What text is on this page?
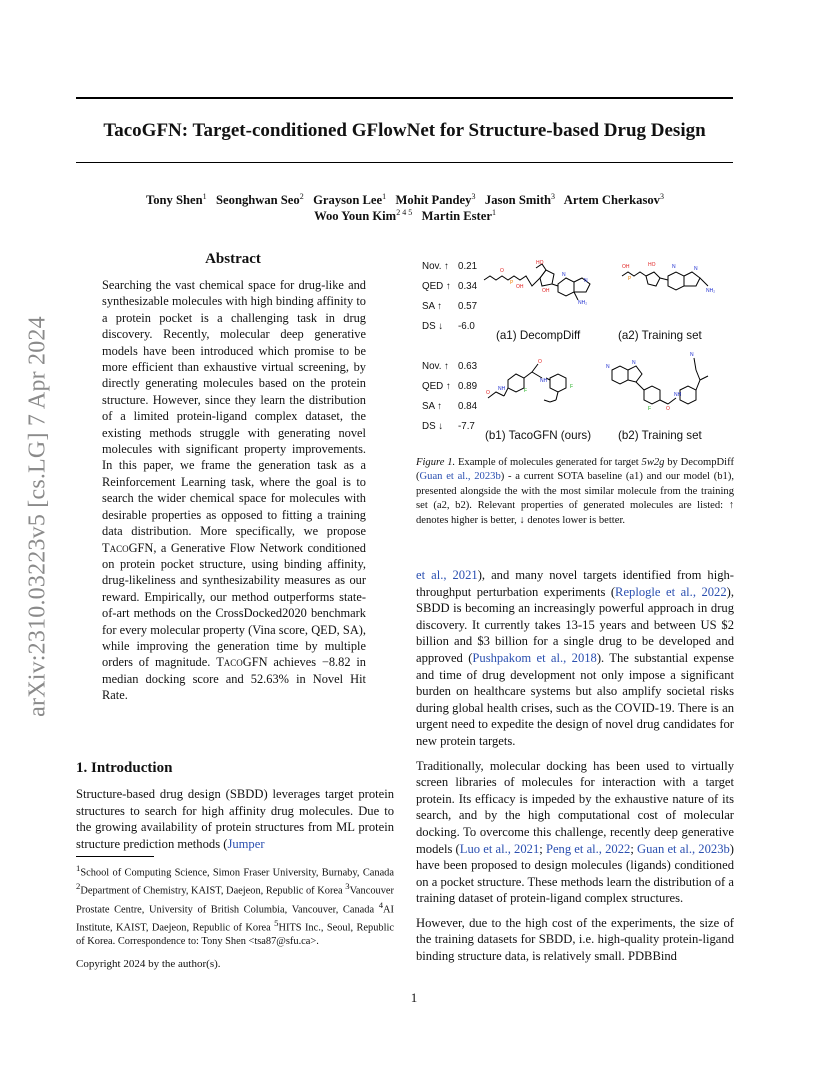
arXiv:2310.03223v5 [cs.LG] 7 Apr 2024
TacoGFN: Target-conditioned GFlowNet for Structure-based Drug Design
Tony Shen$^1$ Seonghwan Seo$^2$ Grayson Lee$^1$ Mohit Pandey$^3$ Jason Smith$^3$ Artem Cherkasov$^3$
Woo Youn Kim$^{2 4 5}$ Martin Ester$^1$
Abstract
Searching the vast chemical space for drug-like and synthesizable molecules with high binding affinity to a protein pocket is a challenging task in drug discovery. Recently, molecular deep generative models have been introduced which promise to be more efficient than exhaustive virtual screening, by directly generating molecules based on the protein structure. However, since they learn the distribution of a limited protein-ligand complex dataset, the existing methods struggle with generating novel molecules with significant property improvements. In this paper, we frame the generation task as a Reinforcement Learning task, where the goal is to search the wider chemical space for molecules with desirable properties as opposed to fitting a training data distribution. More specifically, we propose TacoGFN, a Generative Flow Network conditioned on protein pocket structure, using binding affinity, drug-likeliness and synthesizability measures as our reward. Empirically, our method outperforms state-of-art methods on the CrossDocked2020 benchmark for every molecular property (Vina score, QED, SA), while improving the generation time by multiple orders of magnitude. TacoGFN achieves −8.82 in median docking score and 52.63% in Novel Hit Rate.
1. Introduction
Structure-based drug design (SBDD) leverages target protein structures to search for high affinity drug molecules. Due to the growing availability of protein structures from ML protein structure prediction methods (Jumper
$^1$School of Computing Science, Simon Fraser University, Burnaby, Canada $^2$Department of Chemistry, KAIST, Daejeon, Republic of Korea $^3$Vancouver Prostate Centre, University of British Columbia, Vancouver, Canada $^4$AI Institute, KAIST, Daejeon, Republic of Korea $^5$HITS Inc., Seoul, Republic of Korea. Correspondence to: Tony Shen <tsa87@sfu.ca>.
Copyright 2024 by the author(s).
Nov. ↑ 0.21
QED ↑ 0.34
SA ↑ 0.57
DS ↓ -6.0
P
O
OH
HO
N
N
NH₂
OH
P
OH	HO	N	N
NH₂
(a1) DecompDiff	(a2) Training set
Nov. ↑ 0.63
QED ↑ 0.89
SA ↑ 0.84
DS ↓ -7.7
O
NH
O
NH
F
F
N
N
O
N
F
NH
(b1) TacoGFN (ours) (b2) Training set
Figure 1. Example of molecules generated for target 5w2g by DecompDiff (Guan et al., 2023b) - a current SOTA baseline (a1) and our model (b1), presented alongside the with the most similar molecule from the training set (a2, b2). Relevant properties of generated molecules are listed: ↑ denotes higher is better, ↓ denotes lower is better.

et al., 2021), and many novel targets identified from high-throughput perturbation experiments (Replogle et al., 2022), SBDD is becoming an increasingly powerful approach in drug discovery. It currently takes 13-15 years and between US $2 billion and $3 billion for a single drug to be developed and approved (Pushpakom et al., 2018). The substantial expense and time of drug development not only impose a significant burden on healthcare systems but also amplify societal risks during global health crises, such as the COVID-19. There is an urgent need to expedite the design of novel drug candidates for new protein targets.

Traditionally, molecular docking has been used to virtually screen libraries of molecules for interaction with a target protein. Its efficacy is impeded by the exhaustive nature of its search, and by the high computational cost of molecular docking. To overcome this challenge, recently deep generative models (Luo et al., 2021; Peng et al., 2022; Guan et al., 2023b) have been proposed to design molecules (ligands) conditioned on a pocket structure. These methods learn the distribution of a training dataset of protein-ligand complex structures.

However, due to the high cost of the experiments, the size of the training datasets for SBDD, i.e. high-quality protein-ligand binding structure data, is relatively small. PDBBind

1
